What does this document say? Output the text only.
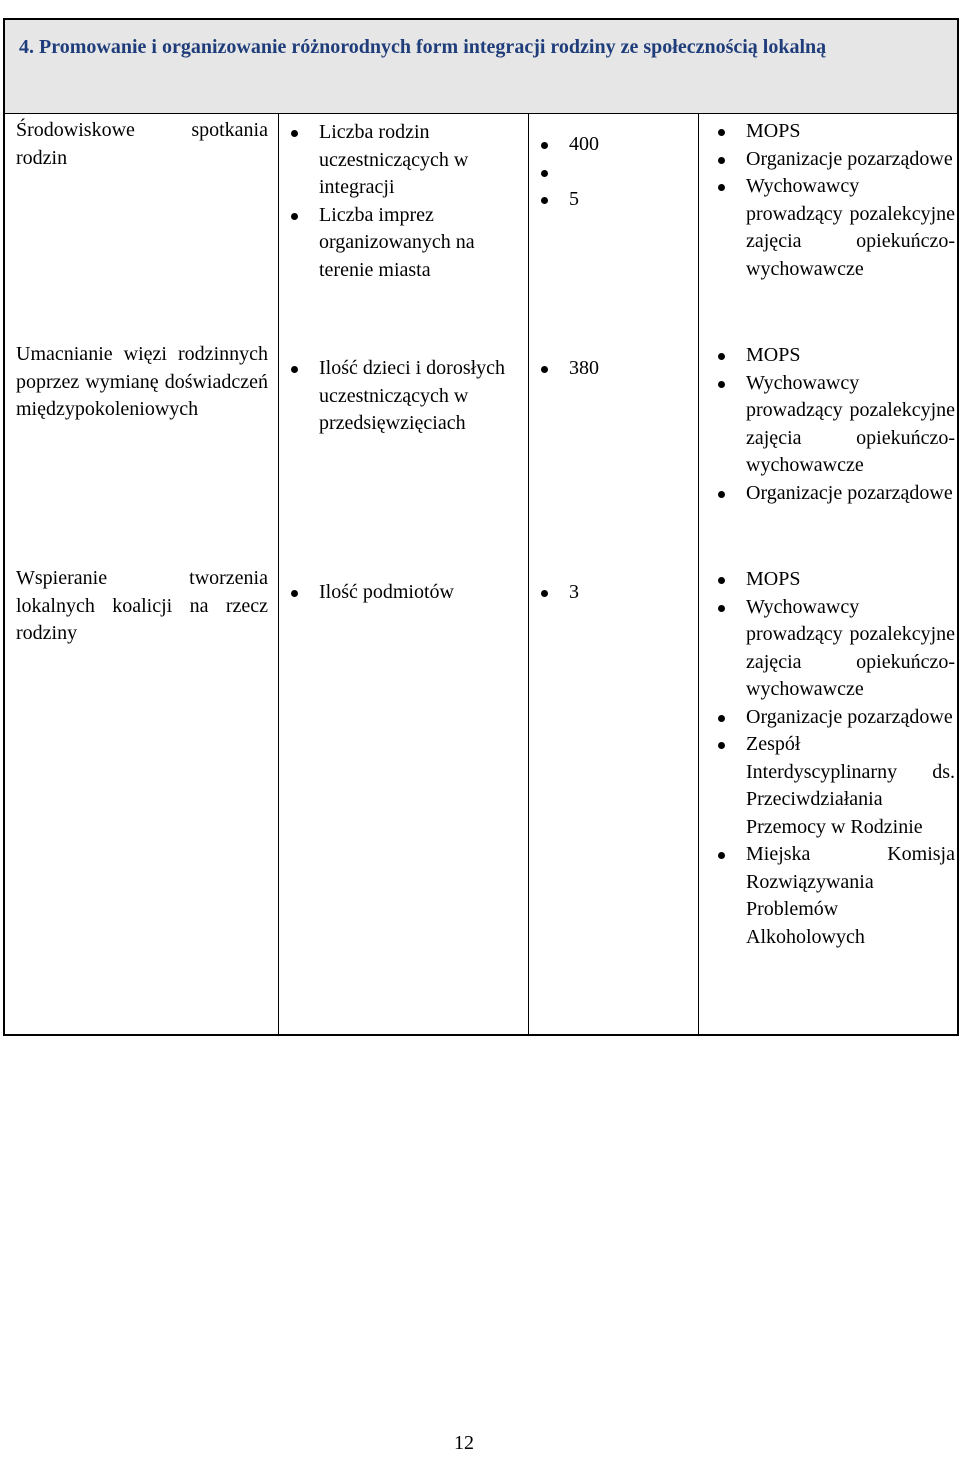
4. Promowanie i organizowanie różnorodnych form integracji rodziny ze społecznością lokalną

Środowiskowe spotkania rodzin

Liczba rodzin uczestniczących w integracji
Liczba imprez organizowanych na terenie miasta
400
5
MOPS
Organizacje pozarządowe
Wychowawcy prowadzący pozalekcyjne zajęcia opiekuńczo-wychowawcze

Umacnianie więzi rodzinnych poprzez wymianę doświadczeń międzypokoleniowych

Ilość dzieci i dorosłych uczestniczących w przedsięwzięciach
380
MOPS
Wychowawcy prowadzący pozalekcyjne zajęcia opiekuńczo-wychowawcze
Organizacje pozarządowe

Wspieranie tworzenia lokalnych koalicji na rzecz rodziny

Ilość podmiotów	3
MOPS
Wychowawcy prowadzący pozalekcyjne zajęcia opiekuńczo-wychowawcze
Organizacje pozarządowe
Zespół Interdyscyplinarny ds. Przeciwdziałania Przemocy w Rodzinie
Miejska Komisja Rozwiązywania Problemów Alkoholowych
12
